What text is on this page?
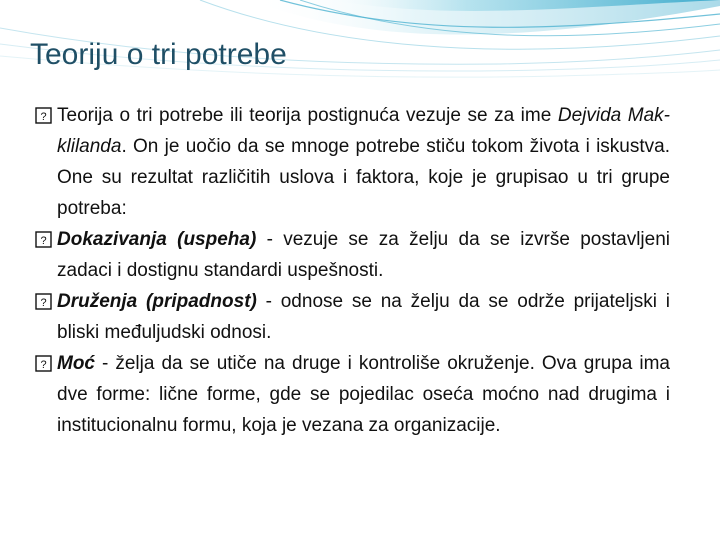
Teoriju o tri potrebe

? Teorija o tri potrebe ili teorija postignuća vezuje se za ime Dejvida Mak-klilanda. On je uočio da se mnoge potrebe stiču tokom života i iskustva. One su rezultat različitih uslova i faktora, koje je grupisao u tri grupe potreba:

? Dokazivanja (uspeha) - vezuje se za želju da se izvrše postavljeni zadaci i dostignu standardi uspešnosti.

? Druženja (pripadnost) - odnose se na želju da se održe prijateljski i bliski međuljudski odnosi.

? Moć - želja da se utiče na druge i kontroliše okruženje. Ova grupa ima dve forme: lične forme, gde se pojedilac oseća moćno nad drugima i institucionalnu formu, koja je vezana za organizacije.
